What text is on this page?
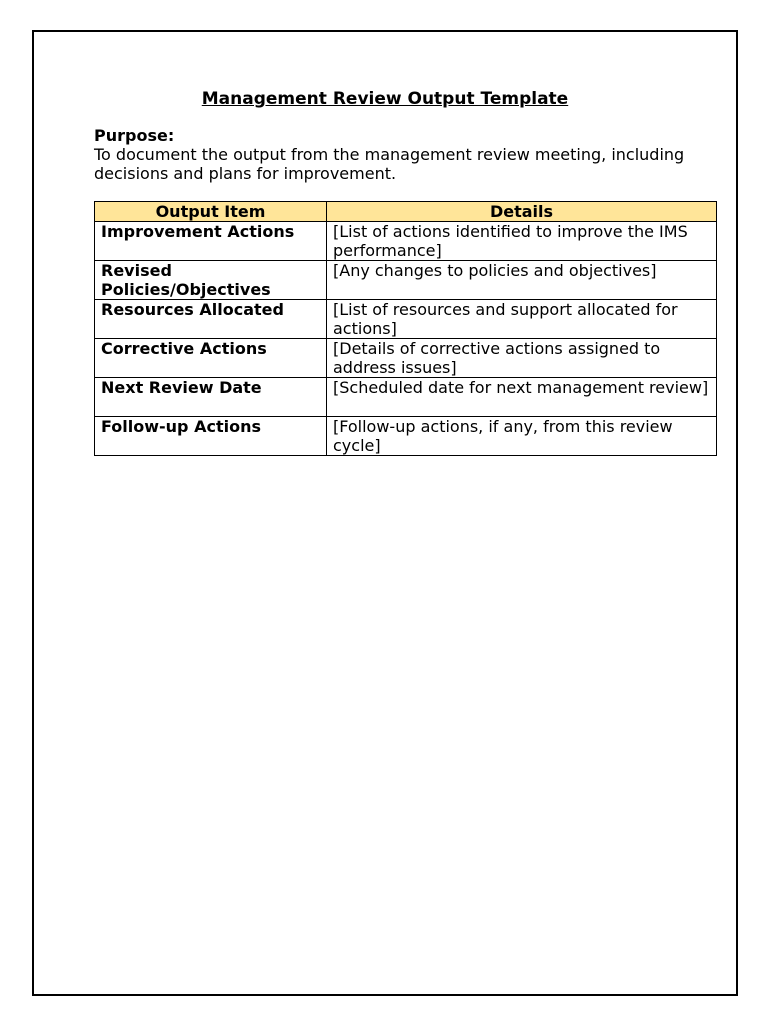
Management Review Output Template
Purpose:
To document the output from the management review meeting, including decisions and plans for improvement.
Output Item	Details
Improvement Actions	[List of actions identified to improve the IMS performance]
Revised Policies/Objectives	[Any changes to policies and objectives]
Resources Allocated	[List of resources and support allocated for actions]
Corrective Actions	[Details of corrective actions assigned to address issues]
Next Review Date	[Scheduled date for next management review]
Follow-up Actions	[Follow-up actions, if any, from this review cycle]
